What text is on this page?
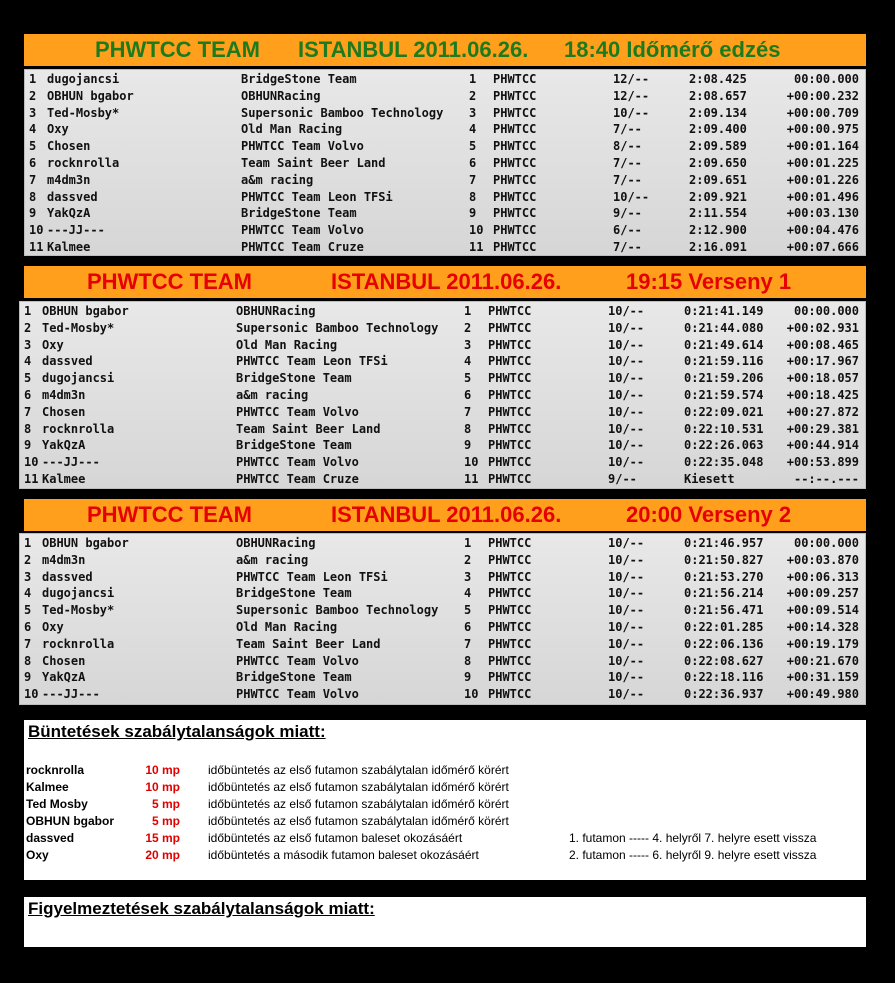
PHWTCC TEAM ISTANBUL 2011.06.26. 18:40 Időmérő edzés
1 dugojancsi	BridgeStone Team	1 PHWTCC	12/--	2:08.425	00:00.000
2 OBHUN bgabor	OBHUNRacing	2 PHWTCC	12/--	2:08.657	+00:00.232
3 Ted-Mosby*	Supersonic Bamboo Technology 3 PHWTCC	10/--	2:09.134	+00:00.709
4 Oxy	Old Man Racing	4 PHWTCC	7/--	2:09.400	+00:00.975
5 Chosen	PHWTCC Team Volvo	5 PHWTCC	8/--	2:09.589	+00:01.164
6 rocknrolla	Team Saint Beer Land	6 PHWTCC	7/--	2:09.650	+00:01.225
7 m4dm3n	a&m racing	7 PHWTCC	7/--	2:09.651	+00:01.226
8 dassved	PHWTCC Team Leon TFSi	8 PHWTCC	10/--	2:09.921	+00:01.496
9 YakQzA	BridgeStone Team	9 PHWTCC	9/--	2:11.554	+00:03.130
10 ---JJ---	PHWTCC Team Volvo	10 PHWTCC	6/--	2:12.900	+00:04.476
11 Kalmee	PHWTCC Team Cruze	11 PHWTCC	7/--	2:16.091	+00:07.666
PHWTCC TEAM	ISTANBUL 2011.06.26.	19:15 Verseny 1
1 OBHUN bgabor	OBHUNRacing	1 PHWTCC	10/--	0:21:41.149	00:00.000
2 Ted-Mosby*	Supersonic Bamboo Technology 2 PHWTCC	10/--	0:21:44.080 +00:02.931
3 Oxy	Old Man Racing	3 PHWTCC	10/--	0:21:49.614 +00:08.465
4 dassved	PHWTCC Team Leon TFSi	4 PHWTCC	10/--	0:21:59.116 +00:17.967
5 dugojancsi	BridgeStone Team	5 PHWTCC	10/--	0:21:59.206 +00:18.057
6 m4dm3n	a&m racing	6 PHWTCC	10/--	0:21:59.574 +00:18.425
7 Chosen	PHWTCC Team Volvo	7 PHWTCC	10/--	0:22:09.021 +00:27.872
8 rocknrolla	Team Saint Beer Land	8 PHWTCC	10/--	0:22:10.531 +00:29.381
9 YakQzA	BridgeStone Team	9 PHWTCC	10/--	0:22:26.063 +00:44.914
10 ---JJ---	PHWTCC Team Volvo	10 PHWTCC	10/--	0:22:35.048 +00:53.899
11 Kalmee	PHWTCC Team Cruze	11 PHWTCC	9/--	Kiesett	--:--.---
PHWTCC TEAM	ISTANBUL 2011.06.26.	20:00 Verseny 2
1 OBHUN bgabor	OBHUNRacing	1 PHWTCC	10/--	0:21:46.957	00:00.000
2 m4dm3n	a&m racing	2 PHWTCC	10/--	0:21:50.827 +00:03.870
3 dassved	PHWTCC Team Leon TFSi	3 PHWTCC	10/--	0:21:53.270 +00:06.313
4 dugojancsi	BridgeStone Team	4 PHWTCC	10/--	0:21:56.214 +00:09.257
5 Ted-Mosby*	Supersonic Bamboo Technology 5 PHWTCC	10/--	0:21:56.471 +00:09.514
6 Oxy	Old Man Racing	6 PHWTCC	10/--	0:22:01.285 +00:14.328
7 rocknrolla	Team Saint Beer Land	7 PHWTCC	10/--	0:22:06.136 +00:19.179
8 Chosen	PHWTCC Team Volvo	8 PHWTCC	10/--	0:22:08.627 +00:21.670
9 YakQzA	BridgeStone Team	9 PHWTCC	10/--	0:22:18.116 +00:31.159
10 ---JJ---	PHWTCC Team Volvo	10 PHWTCC	10/--	0:22:36.937 +00:49.980
Büntetések szabálytalanságok miatt:
rocknrolla	10 mp időbüntetés az első futamon szabálytalan időmérő körért
Kalmee	10 mp időbüntetés az első futamon szabálytalan időmérő körért
Ted Mosby	5 mp időbüntetés az első futamon szabálytalan időmérő körért
OBHUN bgabor	5 mp időbüntetés az első futamon szabálytalan időmérő körért
dassved	15 mp időbüntetés az első futamon baleset okozásáért	1. futamon ----- 4. helyről 7. helyre esett vissza
Oxy	20 mp időbüntetés a második futamon baleset okozásáért	2. futamon ----- 6. helyről 9. helyre esett vissza
Figyelmeztetések szabálytalanságok miatt:
